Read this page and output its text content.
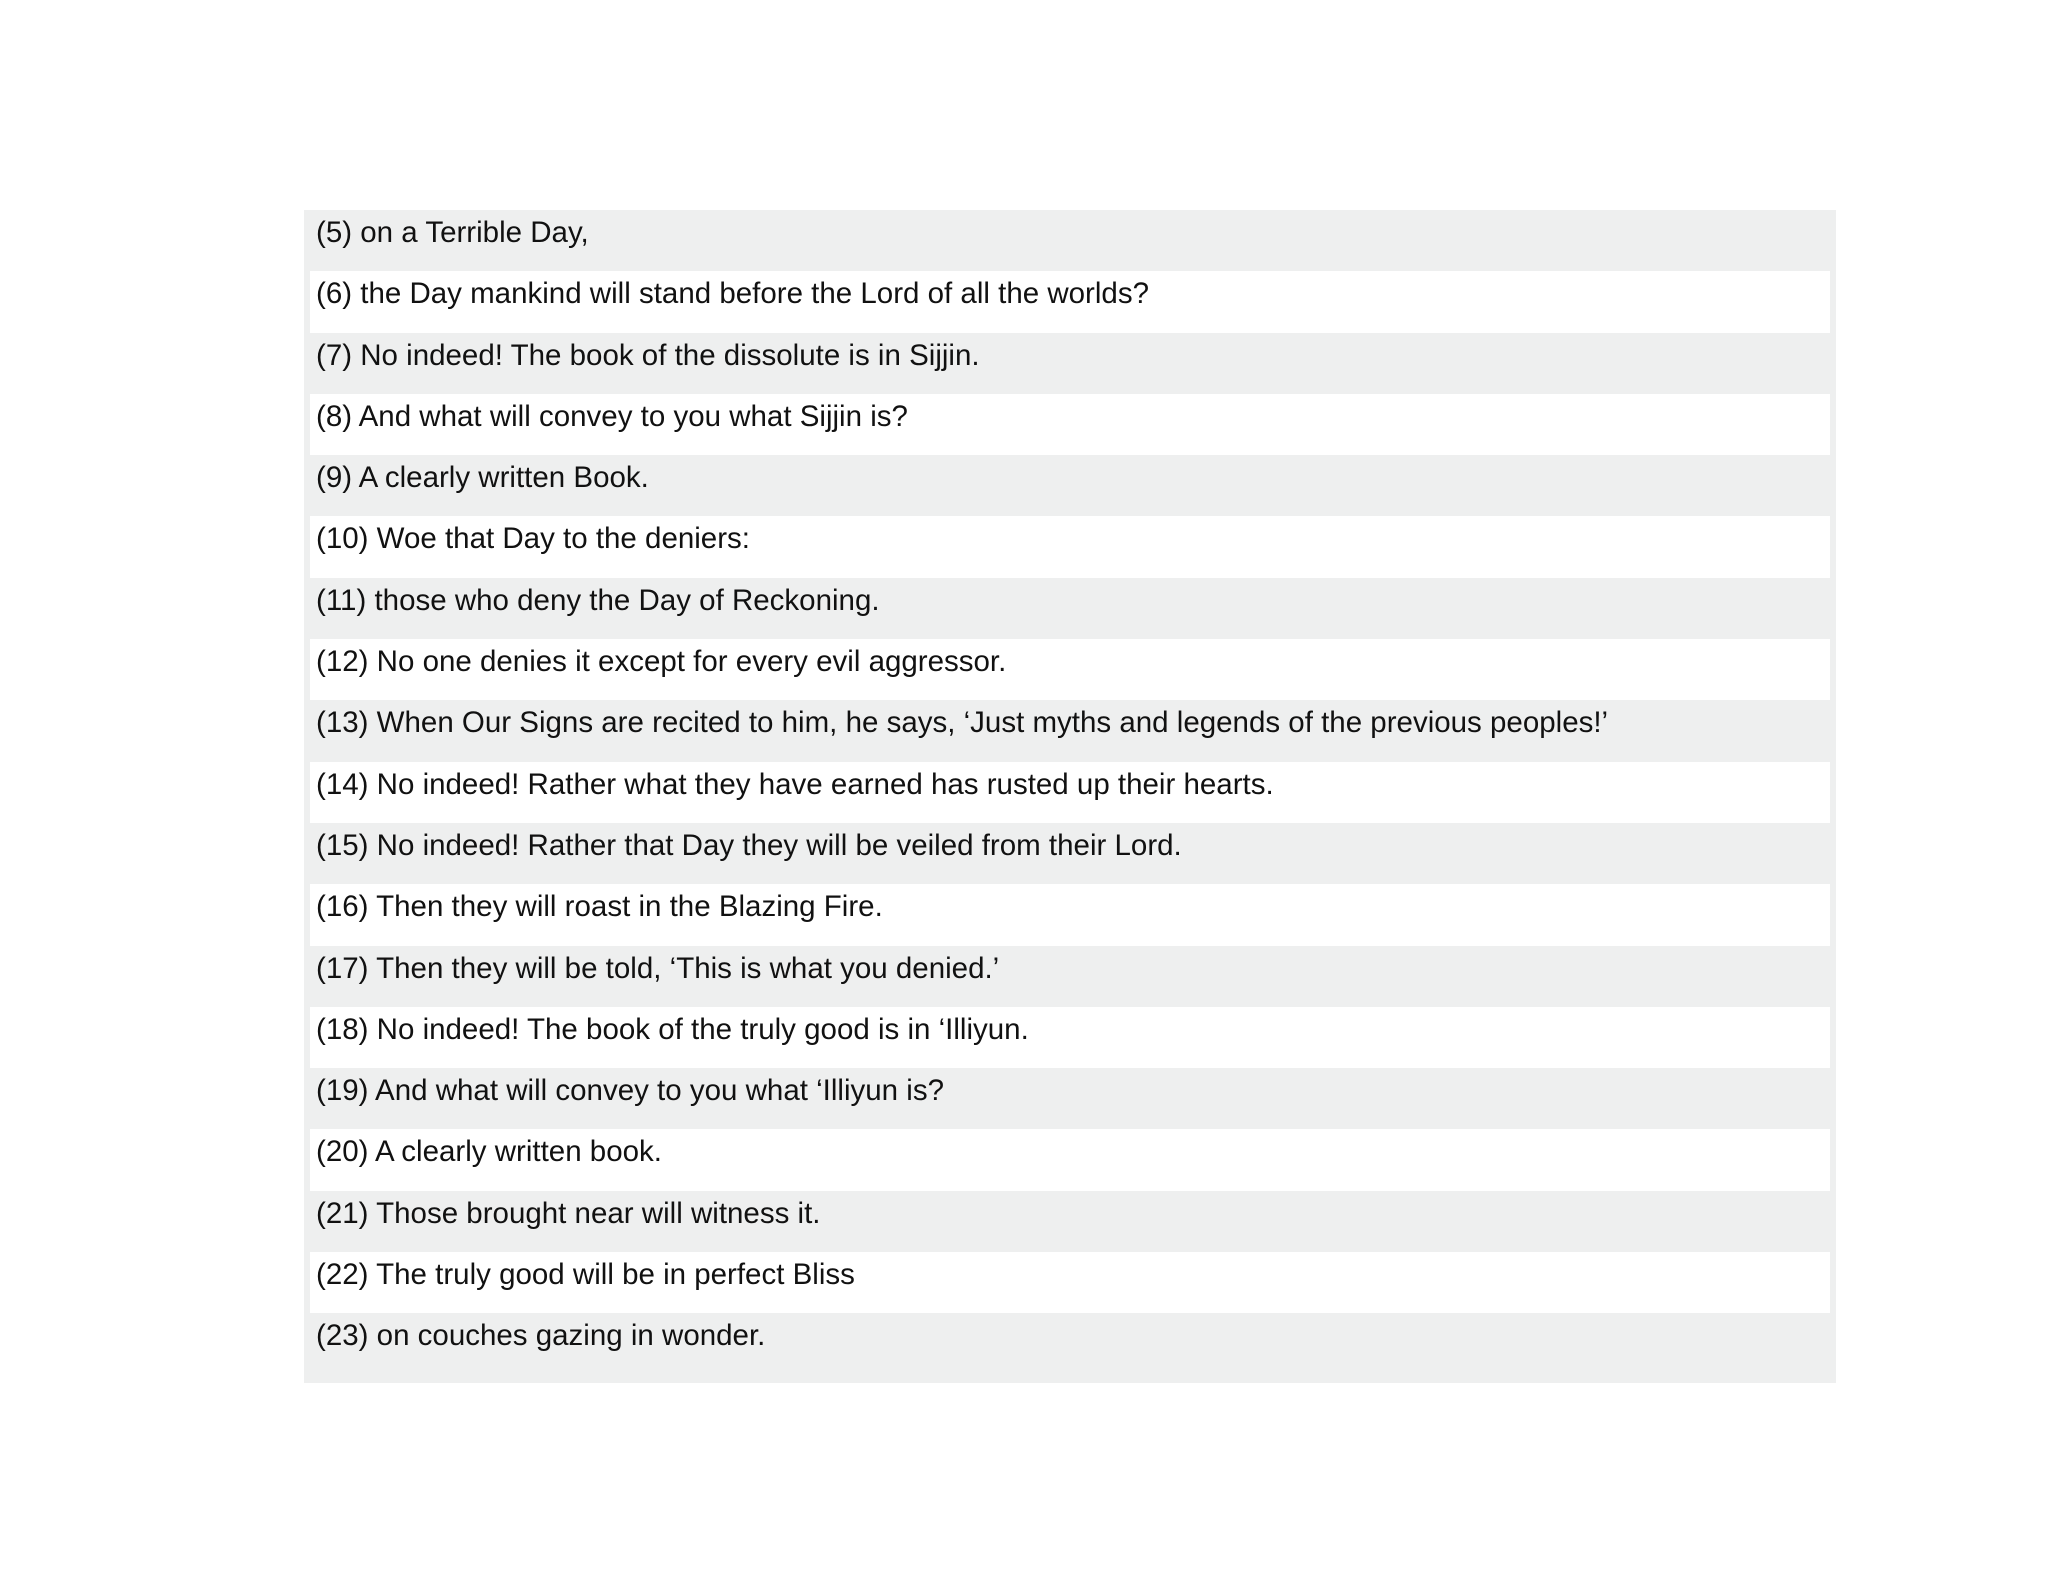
(5) on a Terrible Day,
(6) the Day mankind will stand before the Lord of all the worlds?
(7) No indeed! The book of the dissolute is in Sijjin.
(8) And what will convey to you what Sijjin is?
(9) A clearly written Book.
(10) Woe that Day to the deniers:
(11) those who deny the Day of Reckoning.
(12) No one denies it except for every evil aggressor.
(13) When Our Signs are recited to him, he says, ‘Just myths and legends of the previous peoples!’
(14) No indeed! Rather what they have earned has rusted up their hearts.
(15) No indeed! Rather that Day they will be veiled from their Lord.
(16) Then they will roast in the Blazing Fire.
(17) Then they will be told, ‘This is what you denied.’
(18) No indeed! The book of the truly good is in ‘Illiyun.
(19) And what will convey to you what ‘Illiyun is?
(20) A clearly written book.
(21) Those brought near will witness it.
(22) The truly good will be in perfect Bliss
(23) on couches gazing in wonder.
